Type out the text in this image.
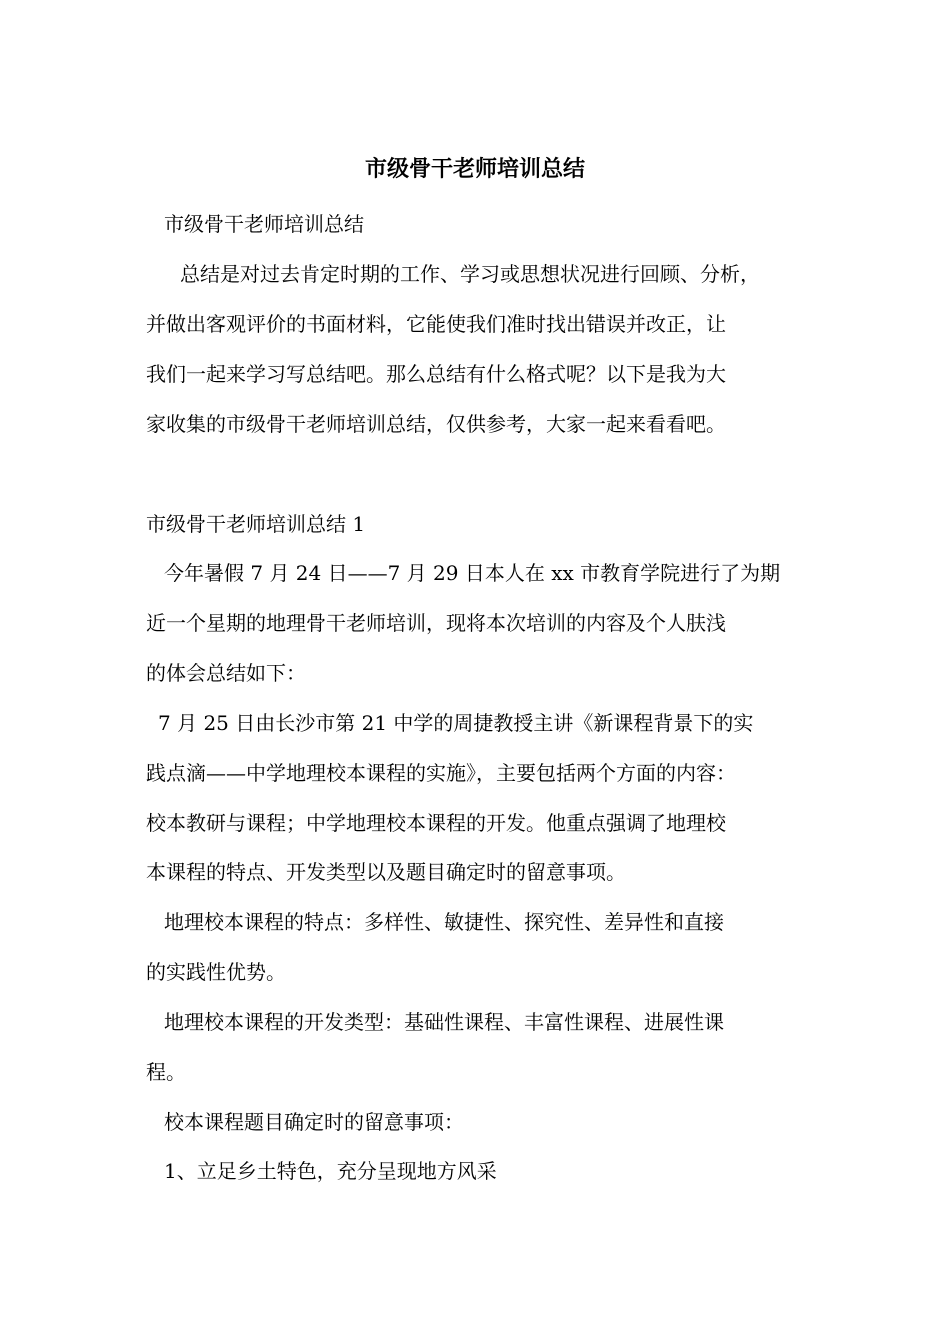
市级骨干老师培训总结

市级骨干老师培训总结

总结是对过去肯定时期的工作、学习或思想状况进行回顾、分析，

并做出客观评价的书面材料，它能使我们准时找出错误并改正，让

我们一起来学习写总结吧。那么总结有什么格式呢？以下是我为大

家收集的市级骨干老师培训总结，仅供参考，大家一起来看看吧。

市级骨干老师培训总结 1

今年暑假 7 月 24 日——7 月 29 日本人在 xx 市教育学院进行了为期

近一个星期的地理骨干老师培训，现将本次培训的内容及个人肤浅

的体会总结如下：

7 月 25 日由长沙市第 21 中学的周捷教授主讲《新课程背景下的实

践点滴——中学地理校本课程的实施》，主要包括两个方面的内容：

校本教研与课程；中学地理校本课程的开发。他重点强调了地理校

本课程的特点、开发类型以及题目确定时的留意事项。

地理校本课程的特点：多样性、敏捷性、探究性、差异性和直接

的实践性优势。

地理校本课程的开发类型：基础性课程、丰富性课程、进展性课

程。

校本课程题目确定时的留意事项：

1、立足乡土特色，充分呈现地方风采
